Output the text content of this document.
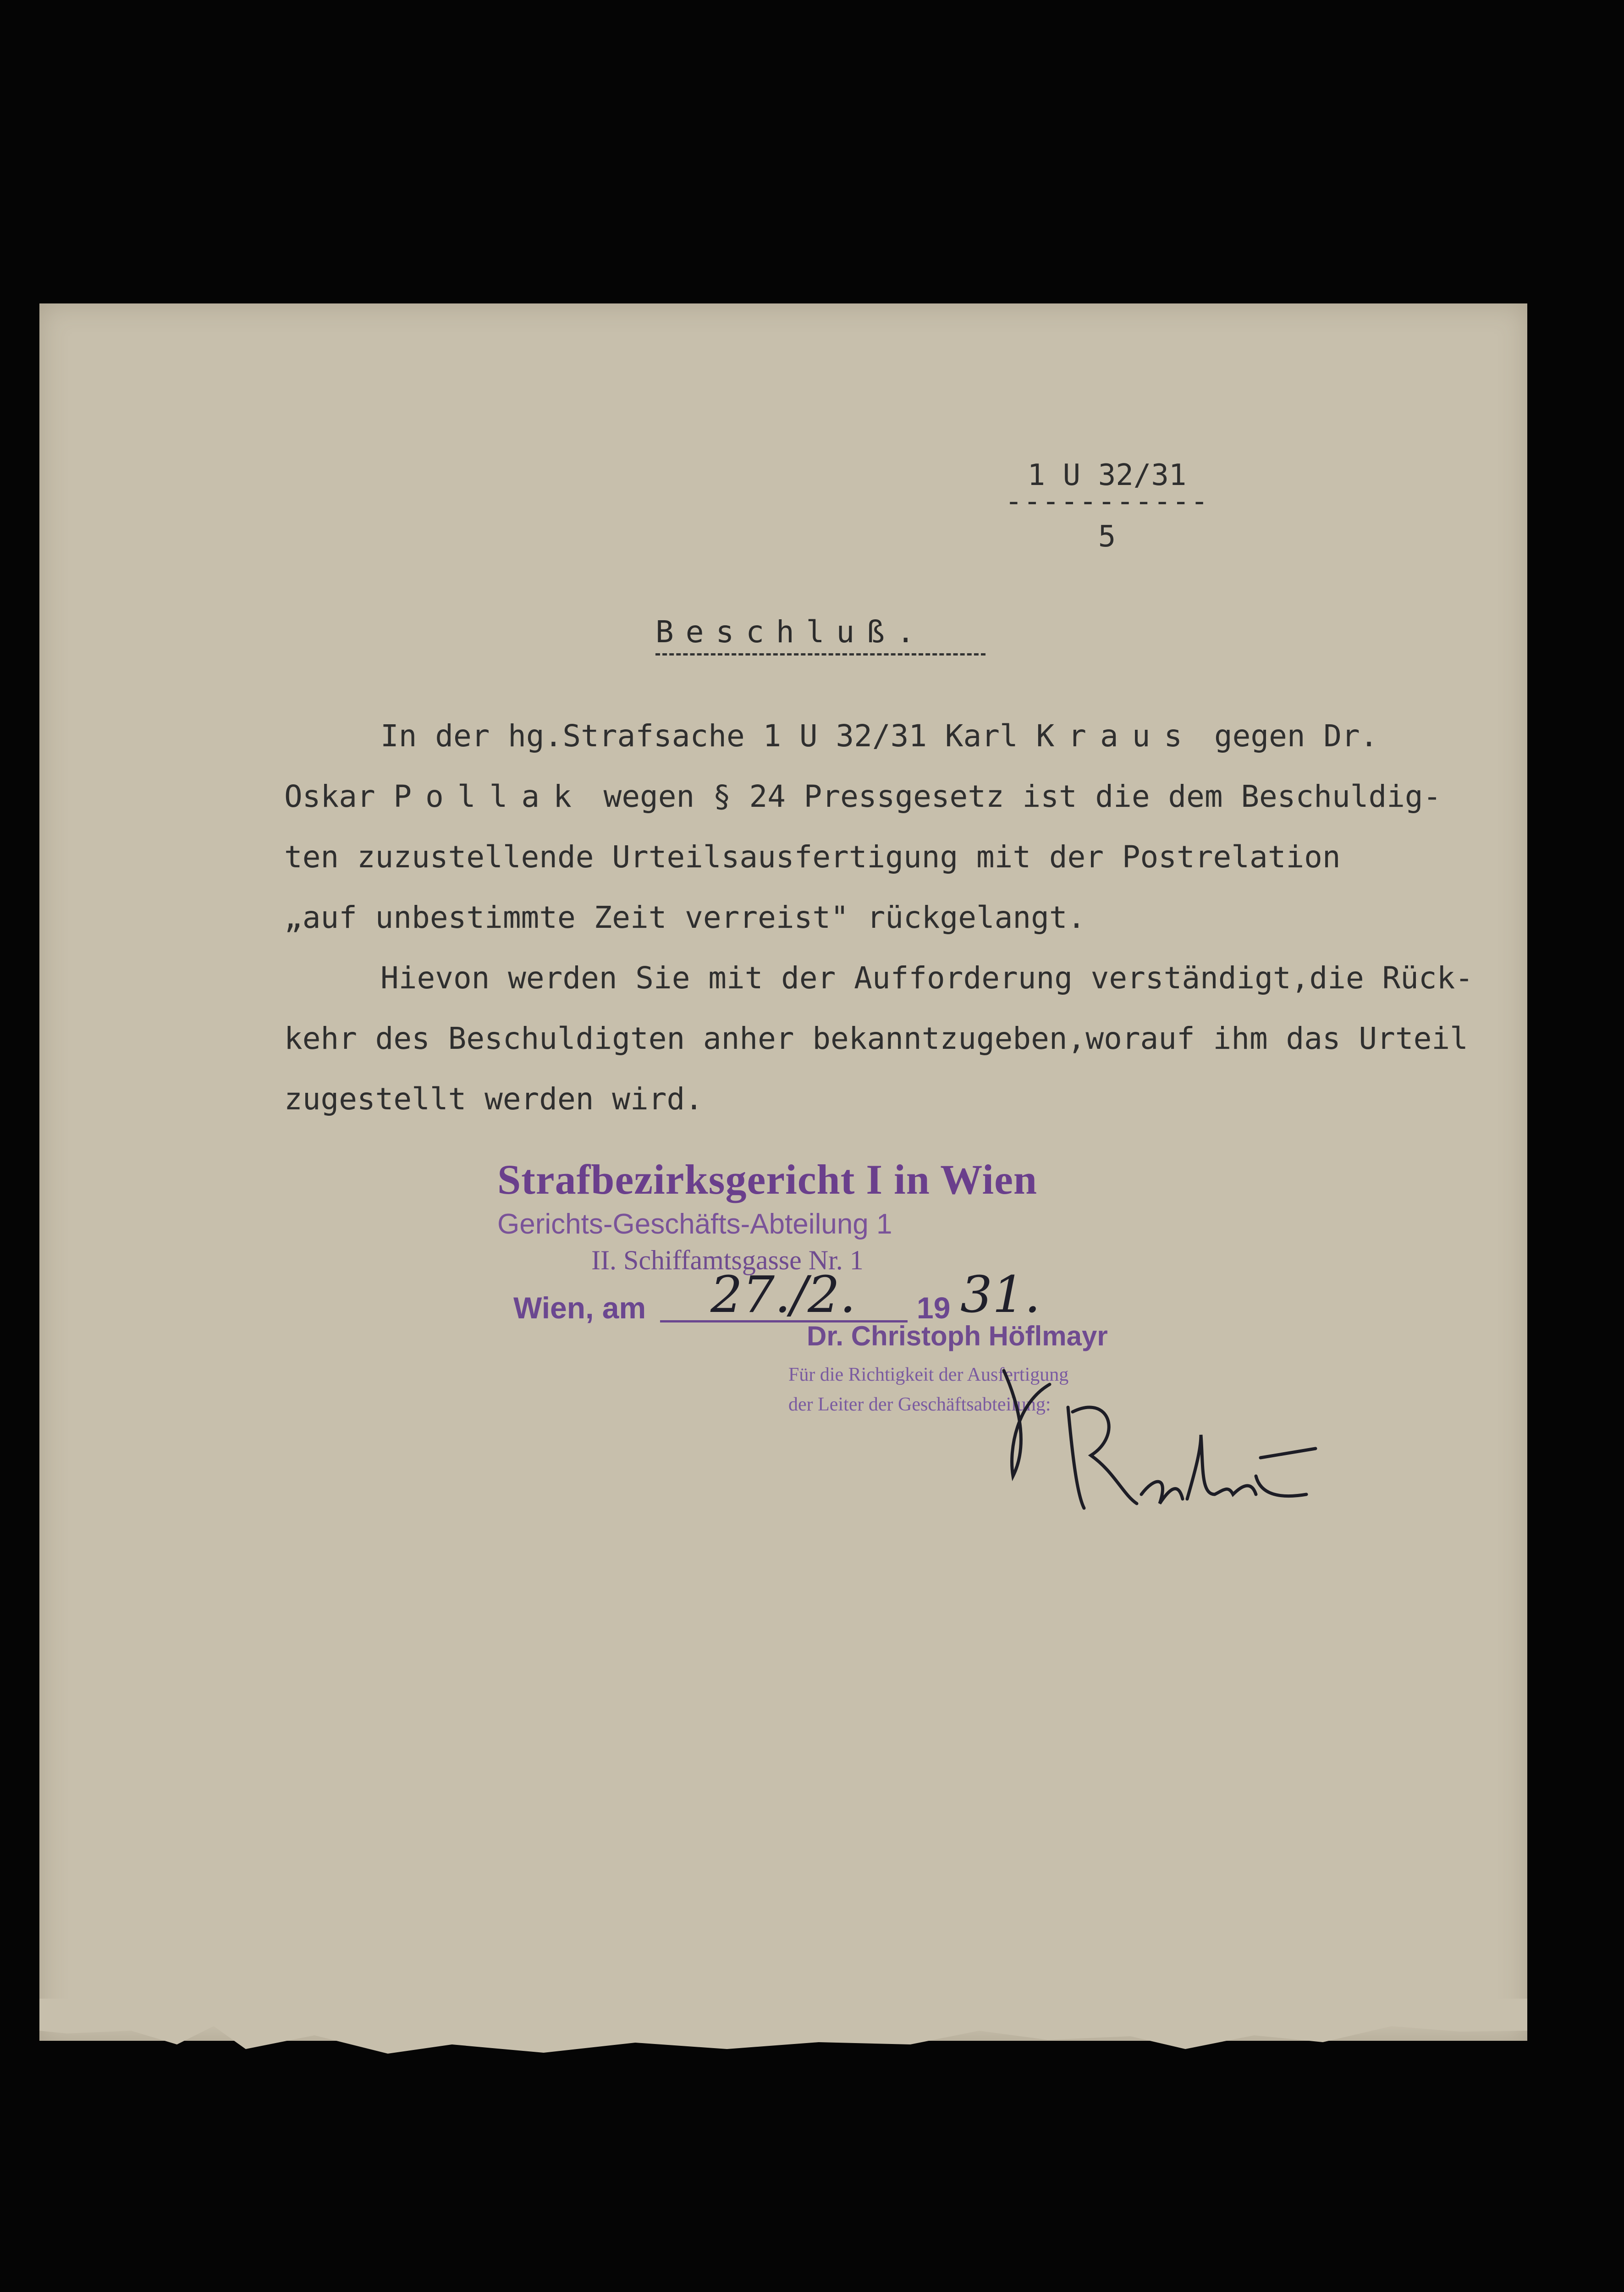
1 U 32/31
-----------
5
Beschluß.

In der hg.Strafsache 1 U 32/31 Karl Kraus gegen Dr.

Oskar Pollak wegen § 24 Pressgesetz ist die dem Beschuldig-

ten zuzustellende Urteilsausfertigung mit der Postrelation

„auf unbestimmte Zeit verreist" rückgelangt.

Hievon werden Sie mit der Aufforderung verständigt,die Rück-

kehr des Beschuldigten anher bekanntzugeben,worauf ihm das Urteil

zugestellt werden wird.

Strafbezirksgericht I in Wien
Gerichts-Geschäfts-Abteilung 1
II. Schiffamtsgasse Nr. 1
Wien, am	19
27./2. 31.
Dr. Christoph Höflmayr
Für die Richtigkeit der Ausfertigung
der Leiter der Geschäftsabteilung:
